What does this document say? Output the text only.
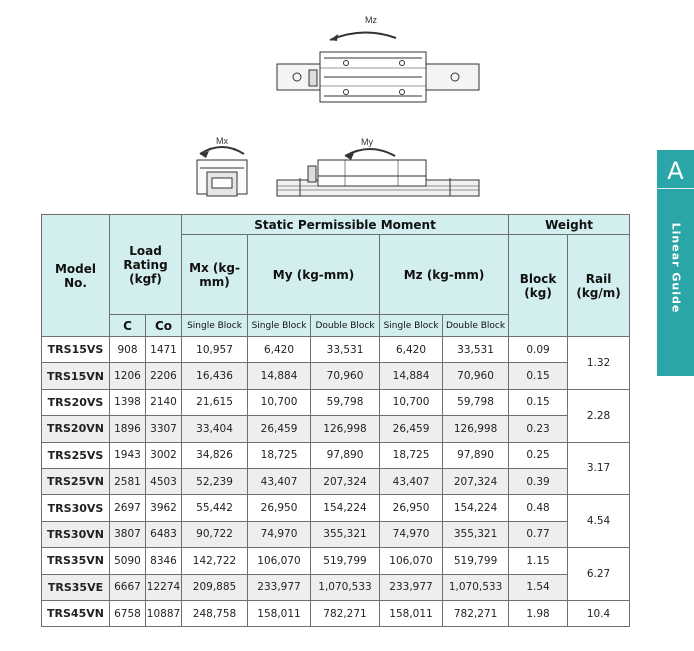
Mz
Mx	My
A
Linear Guide
Model No.	Load Rating (kgf)		Static Permissible Moment					Weight	
			Mx (kg-mm)	My (kg-mm)		Mz (kg-mm)		Block (kg)	Rail (kg/m)
	C	Co	Single Block	Single Block	Double Block	Single Block	Double Block		
TRS15VS	908	1471	10,957	6,420	33,531	6,420	33,531	0.09	1.32
TRS15VN	1206	2206	16,436	14,884	70,960	14,884	70,960	0.15	
TRS20VS	1398	2140	21,615	10,700	59,798	10,700	59,798	0.15	2.28
TRS20VN	1896	3307	33,404	26,459	126,998	26,459	126,998	0.23	
TRS25VS	1943	3002	34,826	18,725	97,890	18,725	97,890	0.25	3.17
TRS25VN	2581	4503	52,239	43,407	207,324	43,407	207,324	0.39	
TRS30VS	2697	3962	55,442	26,950	154,224	26,950	154,224	0.48	4.54
TRS30VN	3807	6483	90,722	74,970	355,321	74,970	355,321	0.77	
TRS35VN	5090	8346	142,722	106,070	519,799	106,070	519,799	1.15	6.27
TRS35VE	6667	12274	209,885	233,977	1,070,533	233,977	1,070,533	1.54	
TRS45VN	6758	10887	248,758	158,011	782,271	158,011	782,271	1.98	10.4
